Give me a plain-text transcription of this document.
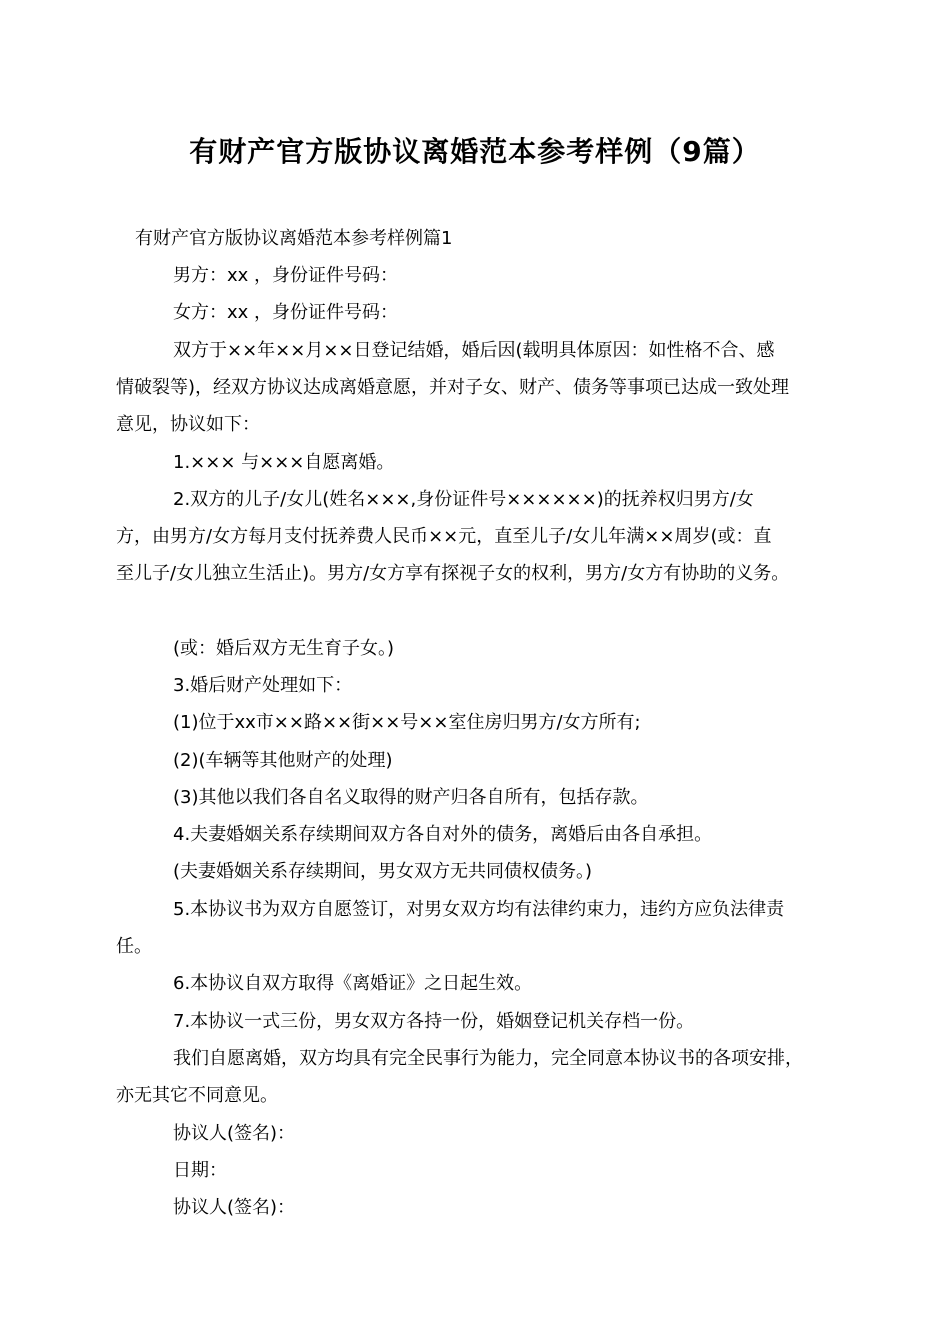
有财产官方版协议离婚范本参考样例（9篇）
有财产官方版协议离婚范本参考样例篇1
男方：xx ，身份证件号码：
女方：xx ，身份证件号码：
双方于××年××月××日登记结婚，婚后因(载明具体原因：如性格不合、感
情破裂等)，经双方协议达成离婚意愿，并对子女、财产、债务等事项已达成一致处理
意见，协议如下：
1.××× 与×××自愿离婚。
2.双方的儿子/女儿(姓名×××,身份证件号××××××)的抚养权归男方/女
方，由男方/女方每月支付抚养费人民币××元，直至儿子/女儿年满××周岁(或：直
至儿子/女儿独立生活止)。男方/女方享有探视子女的权利，男方/女方有协助的义务。
(或：婚后双方无生育子女。)
3.婚后财产处理如下：
(1)位于xx市××路××街××号××室住房归男方/女方所有;
(2)(车辆等其他财产的处理)
(3)其他以我们各自名义取得的财产归各自所有，包括存款。
4.夫妻婚姻关系存续期间双方各自对外的债务，离婚后由各自承担。
(夫妻婚姻关系存续期间，男女双方无共同债权债务。)
5.本协议书为双方自愿签订，对男女双方均有法律约束力，违约方应负法律责
任。
6.本协议自双方取得《离婚证》之日起生效。
7.本协议一式三份，男女双方各持一份，婚姻登记机关存档一份。
我们自愿离婚，双方均具有完全民事行为能力，完全同意本协议书的各项安排，
亦无其它不同意见。
协议人(签名)：
日期：
协议人(签名)：
